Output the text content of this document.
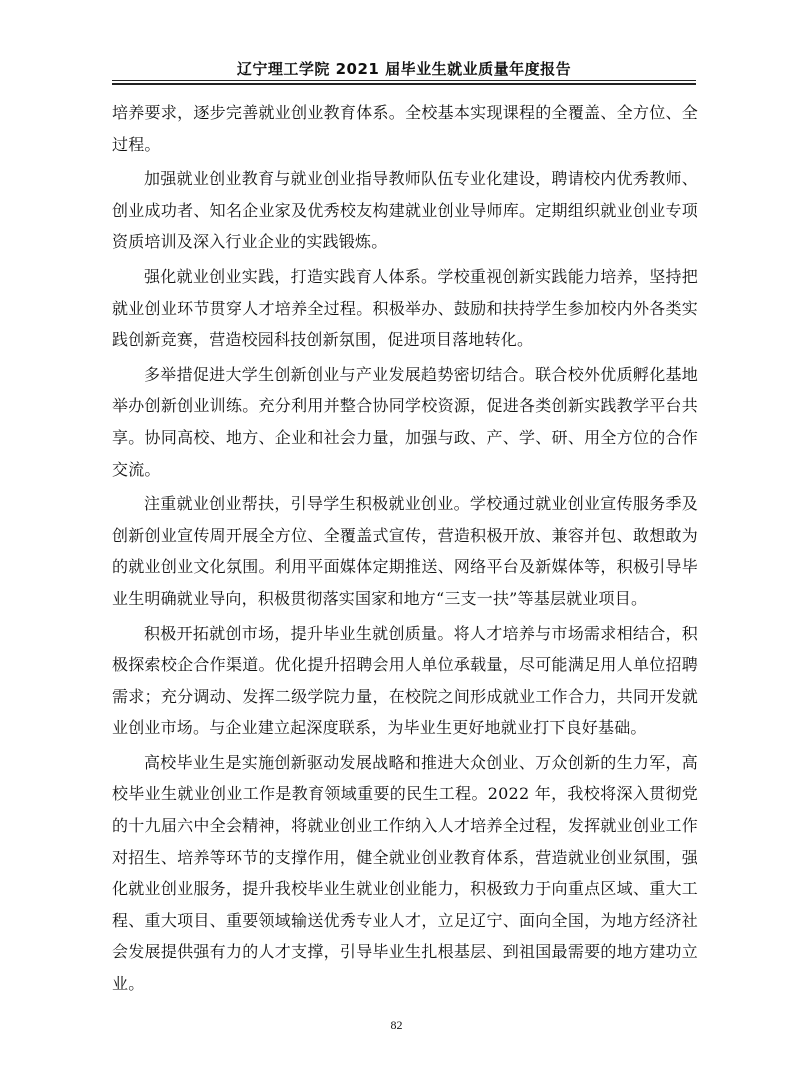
辽宁理工学院 2021 届毕业生就业质量年度报告

培养要求，逐步完善就业创业教育体系。全校基本实现课程的全覆盖、全方位、全过程。

加强就业创业教育与就业创业指导教师队伍专业化建设，聘请校内优秀教师、创业成功者、知名企业家及优秀校友构建就业创业导师库。定期组织就业创业专项资质培训及深入行业企业的实践锻炼。

强化就业创业实践，打造实践育人体系。学校重视创新实践能力培养，坚持把就业创业环节贯穿人才培养全过程。积极举办、鼓励和扶持学生参加校内外各类实践创新竞赛，营造校园科技创新氛围，促进项目落地转化。

多举措促进大学生创新创业与产业发展趋势密切结合。联合校外优质孵化基地举办创新创业训练。充分利用并整合协同学校资源，促进各类创新实践教学平台共享。协同高校、地方、企业和社会力量，加强与政、产、学、研、用全方位的合作交流。

注重就业创业帮扶，引导学生积极就业创业。学校通过就业创业宣传服务季及创新创业宣传周开展全方位、全覆盖式宣传，营造积极开放、兼容并包、敢想敢为的就业创业文化氛围。利用平面媒体定期推送、网络平台及新媒体等，积极引导毕业生明确就业导向，积极贯彻落实国家和地方“三支一扶”等基层就业项目。

积极开拓就创市场，提升毕业生就创质量。将人才培养与市场需求相结合，积极探索校企合作渠道。优化提升招聘会用人单位承载量，尽可能满足用人单位招聘需求；充分调动、发挥二级学院力量，在校院之间形成就业工作合力，共同开发就业创业市场。与企业建立起深度联系，为毕业生更好地就业打下良好基础。

高校毕业生是实施创新驱动发展战略和推进大众创业、万众创新的生力军，高校毕业生就业创业工作是教育领域重要的民生工程。2022 年，我校将深入贯彻党的十九届六中全会精神，将就业创业工作纳入人才培养全过程，发挥就业创业工作对招生、培养等环节的支撑作用，健全就业创业教育体系，营造就业创业氛围，强化就业创业服务，提升我校毕业生就业创业能力，积极致力于向重点区域、重大工程、重大项目、重要领域输送优秀专业人才，立足辽宁、面向全国，为地方经济社会发展提供强有力的人才支撑，引导毕业生扎根基层、到祖国最需要的地方建功立业。

82
